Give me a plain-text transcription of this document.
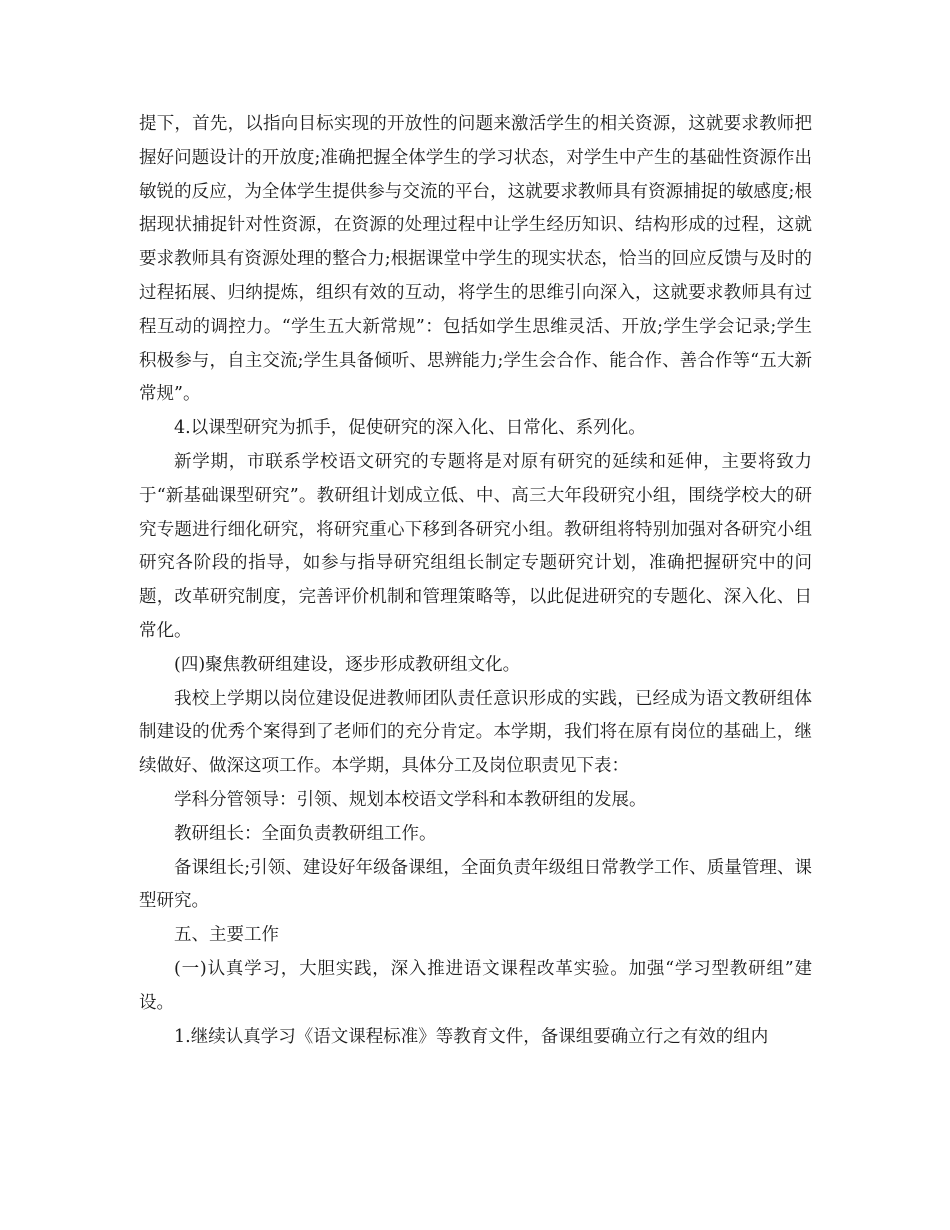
提下，首先，以指向目标实现的开放性的问题来激活学生的相关资源，这就要求教师把握好问题设计的开放度;准确把握全体学生的学习状态，对学生中产生的基础性资源作出敏锐的反应，为全体学生提供参与交流的平台，这就要求教师具有资源捕捉的敏感度;根据现状捕捉针对性资源，在资源的处理过程中让学生经历知识、结构形成的过程，这就要求教师具有资源处理的整合力;根据课堂中学生的现实状态，恰当的回应反馈与及时的过程拓展、归纳提炼，组织有效的互动，将学生的思维引向深入，这就要求教师具有过程互动的调控力。“学生五大新常规”：包括如学生思维灵活、开放;学生学会记录;学生积极参与，自主交流;学生具备倾听、思辨能力;学生会合作、能合作、善合作等“五大新常规”。

4.以课型研究为抓手，促使研究的深入化、日常化、系列化。

新学期，市联系学校语文研究的专题将是对原有研究的延续和延伸，主要将致力于“新基础课型研究”。教研组计划成立低、中、高三大年段研究小组，围绕学校大的研究专题进行细化研究，将研究重心下移到各研究小组。教研组将特别加强对各研究小组研究各阶段的指导，如参与指导研究组组长制定专题研究计划，准确把握研究中的问题，改革研究制度，完善评价机制和管理策略等，以此促进研究的专题化、深入化、日常化。

(四)聚焦教研组建设，逐步形成教研组文化。

我校上学期以岗位建设促进教师团队责任意识形成的实践，已经成为语文教研组体制建设的优秀个案得到了老师们的充分肯定。本学期，我们将在原有岗位的基础上，继续做好、做深这项工作。本学期，具体分工及岗位职责见下表：

学科分管领导：引领、规划本校语文学科和本教研组的发展。

教研组长：全面负责教研组工作。

备课组长;引领、建设好年级备课组，全面负责年级组日常教学工作、质量管理、课型研究。

五、主要工作

(一)认真学习，大胆实践，深入推进语文课程改革实验。加强“学习型教研组”建设。

1.继续认真学习《语文课程标准》等教育文件，备课组要确立行之有效的组内
